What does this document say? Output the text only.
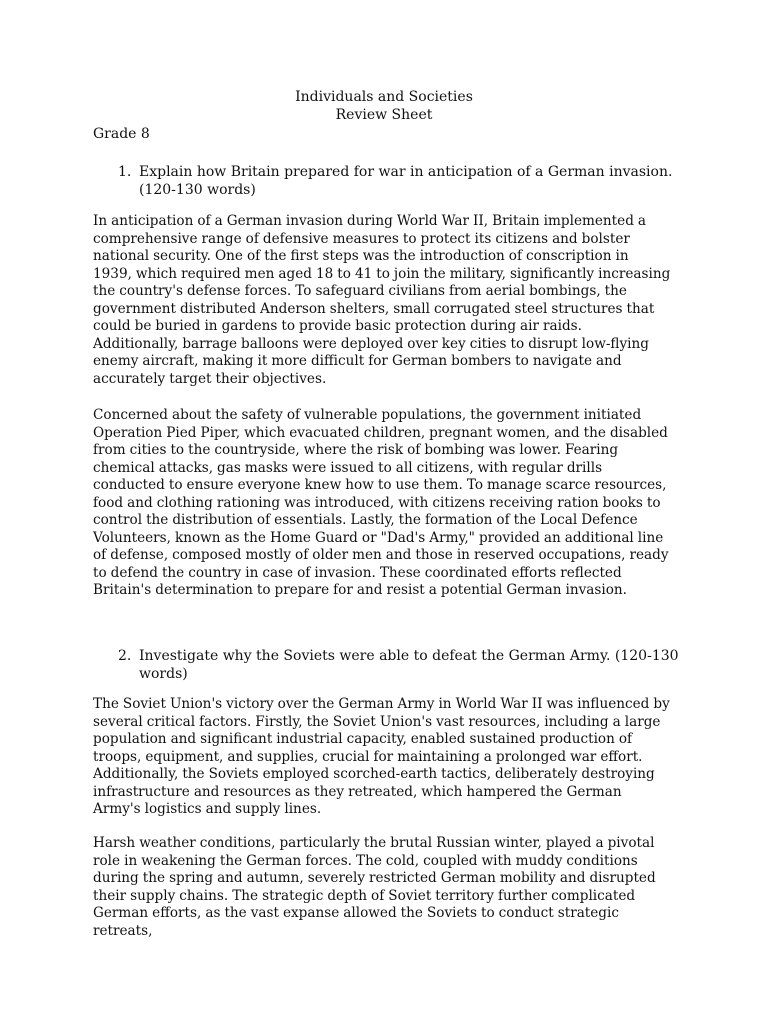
Individuals and Societies
Review Sheet
Grade 8
1. Explain how Britain prepared for war in anticipation of a German invasion. (120-130 words)

In anticipation of a German invasion during World War II, Britain implemented a comprehensive range of defensive measures to protect its citizens and bolster national security. One of the first steps was the introduction of conscription in 1939, which required men aged 18 to 41 to join the military, significantly increasing the country's defense forces. To safeguard civilians from aerial bombings, the government distributed Anderson shelters, small corrugated steel structures that could be buried in gardens to provide basic protection during air raids. Additionally, barrage balloons were deployed over key cities to disrupt low-flying enemy aircraft, making it more difficult for German bombers to navigate and accurately target their objectives.

Concerned about the safety of vulnerable populations, the government initiated Operation Pied Piper, which evacuated children, pregnant women, and the disabled from cities to the countryside, where the risk of bombing was lower. Fearing chemical attacks, gas masks were issued to all citizens, with regular drills conducted to ensure everyone knew how to use them. To manage scarce resources, food and clothing rationing was introduced, with citizens receiving ration books to control the distribution of essentials. Lastly, the formation of the Local Defence Volunteers, known as the Home Guard or "Dad's Army," provided an additional line of defense, composed mostly of older men and those in reserved occupations, ready to defend the country in case of invasion. These coordinated efforts reflected Britain's determination to prepare for and resist a potential German invasion.

2. Investigate why the Soviets were able to defeat the German Army. (120-130 words)

The Soviet Union's victory over the German Army in World War II was influenced by several critical factors. Firstly, the Soviet Union's vast resources, including a large population and significant industrial capacity, enabled sustained production of troops, equipment, and supplies, crucial for maintaining a prolonged war effort. Additionally, the Soviets employed scorched-earth tactics, deliberately destroying infrastructure and resources as they retreated, which hampered the German Army's logistics and supply lines.

Harsh weather conditions, particularly the brutal Russian winter, played a pivotal role in weakening the German forces. The cold, coupled with muddy conditions during the spring and autumn, severely restricted German mobility and disrupted their supply chains. The strategic depth of Soviet territory further complicated German efforts, as the vast expanse allowed the Soviets to conduct strategic retreats,
